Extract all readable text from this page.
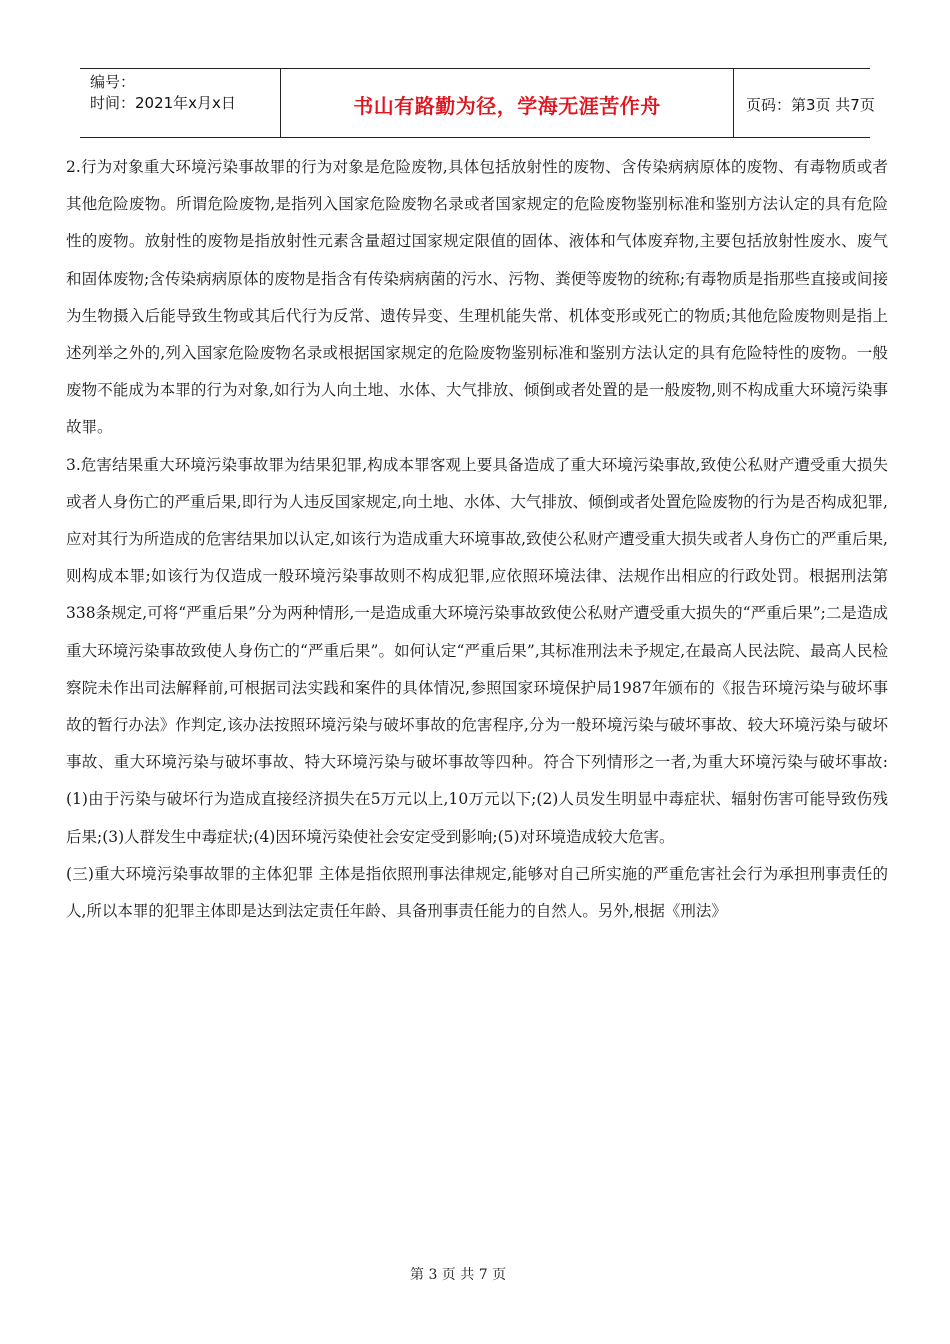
编号：
时间：2021年x月x日	书山有路勤为径，学海无涯苦作舟	页码：第3页 共7页

2.行为对象重大环境污染事故罪的行为对象是危险废物,具体包括放射性的废物、含传染病病原体的废物、有毒物质或者其他危险废物。所谓危险废物,是指列入国家危险废物名录或者国家规定的危险废物鉴别标准和鉴别方法认定的具有危险性的废物。放射性的废物是指放射性元素含量超过国家规定限值的固体、液体和气体废弃物,主要包括放射性废水、废气和固体废物;含传染病病原体的废物是指含有传染病病菌的污水、污物、粪便等废物的统称;有毒物质是指那些直接或间接为生物摄入后能导致生物或其后代行为反常、遗传异变、生理机能失常、机体变形或死亡的物质;其他危险废物则是指上述列举之外的,列入国家危险废物名录或根据国家规定的危险废物鉴别标准和鉴别方法认定的具有危险特性的废物。一般废物不能成为本罪的行为对象,如行为人向土地、水体、大气排放、倾倒或者处置的是一般废物,则不构成重大环境污染事故罪。

3.危害结果重大环境污染事故罪为结果犯罪,构成本罪客观上要具备造成了重大环境污染事故,致使公私财产遭受重大损失或者人身伤亡的严重后果,即行为人违反国家规定,向土地、水体、大气排放、倾倒或者处置危险废物的行为是否构成犯罪,应对其行为所造成的危害结果加以认定,如该行为造成重大环境事故,致使公私财产遭受重大损失或者人身伤亡的严重后果,则构成本罪;如该行为仅造成一般环境污染事故则不构成犯罪,应依照环境法律、法规作出相应的行政处罚。根据刑法第338条规定,可将“严重后果”分为两种情形,一是造成重大环境污染事故致使公私财产遭受重大损失的“严重后果”;二是造成重大环境污染事故致使人身伤亡的“严重后果”。如何认定“严重后果”,其标准刑法未予规定,在最高人民法院、最高人民检察院未作出司法解释前,可根据司法实践和案件的具体情况,参照国家环境保护局1987年颁布的《报告环境污染与破坏事故的暂行办法》作判定,该办法按照环境污染与破坏事故的危害程序,分为一般环境污染与破坏事故、较大环境污染与破坏事故、重大环境污染与破坏事故、特大环境污染与破坏事故等四种。符合下列情形之一者,为重大环境污染与破坏事故:(1)由于污染与破坏行为造成直接经济损失在5万元以上,10万元以下;(2)人员发生明显中毒症状、辐射伤害可能导致伤残后果;(3)人群发生中毒症状;(4)因环境污染使社会安定受到影响;(5)对环境造成较大危害。

(三)重大环境污染事故罪的主体犯罪 主体是指依照刑事法律规定,能够对自己所实施的严重危害社会行为承担刑事责任的人,所以本罪的犯罪主体即是达到法定责任年龄、具备刑事责任能力的自然人。另外,根据《刑法》

第 3 页 共 7 页
